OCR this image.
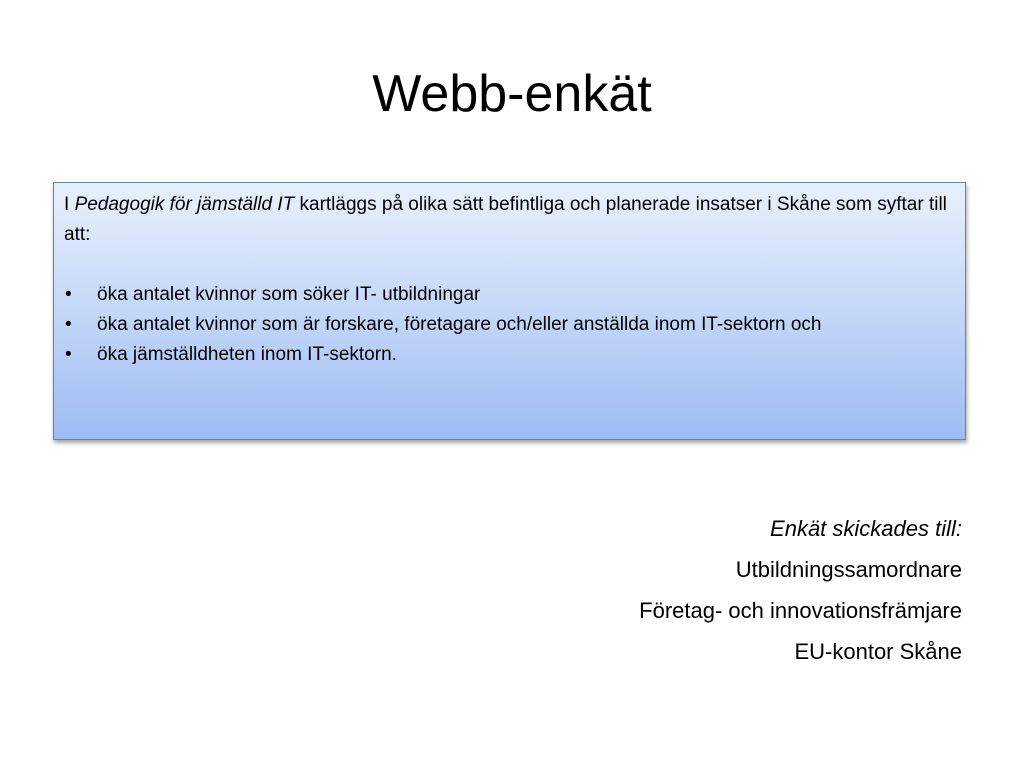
Webb-enkät

I Pedagogik för jämställd IT kartläggs på olika sätt befintliga och planerade insatser i Skåne som syftar till att:

• öka antalet kvinnor som söker IT- utbildningar
• öka antalet kvinnor som är forskare, företagare och/eller anställda inom IT-sektorn och
• öka jämställdheten inom IT-sektorn.
Enkät skickades till:
Utbildningssamordnare
Företag- och innovationsfrämjare
EU-kontor Skåne
